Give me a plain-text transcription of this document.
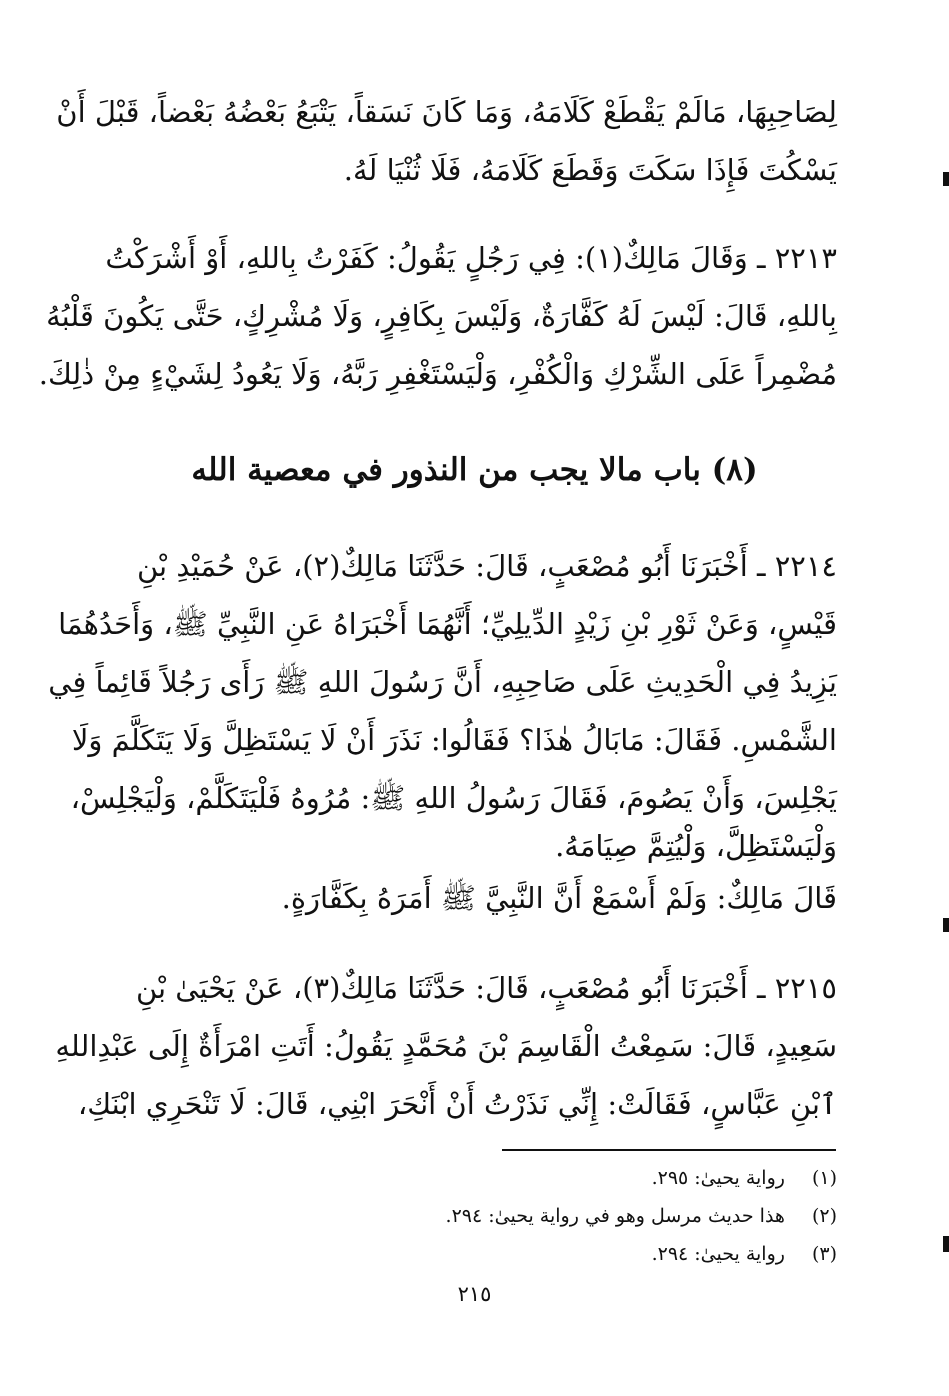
لِصَاحِبِهَا، مَالَمْ يَقْطَعْ كَلَامَهُ، وَمَا كَانَ نَسَقاً، يَتْبَعُ بَعْضُهُ بَعْضاً، قَبْلَ أَنْ
يَسْكُتَ فَإِذَا سَكَتَ وَقَطَعَ كَلَامَهُ، فَلَا ثُنْيَا لَهُ.
٢٢١٣ ـ وَقَالَ مَالِكٌ(١): فِي رَجُلٍ يَقُولُ: كَفَرْتُ بِاللهِ، أَوْ أَشْرَكْتُ
بِاللهِ، قَالَ: لَيْسَ لَهُ كَفَّارَةٌ، وَلَيْسَ بِكَافِرٍ، وَلَا مُشْرِكٍ، حَتَّى يَكُونَ قَلْبُهُ
مُضْمِراً عَلَى الشِّرْكِ وَالْكُفْرِ، وَلْيَسْتَغْفِرِ رَبَّهُ، وَلَا يَعُودُ لِشَيْءٍ مِنْ ذٰلِكَ.
(٨) باب مالا يجب من النذور في معصية الله
٢٢١٤ ـ أَخْبَرَنَا أَبُو مُصْعَبٍ، قَالَ: حَدَّثَنَا مَالِكٌ(٢)، عَنْ حُمَيْدِ بْنِ
قَيْسٍ، وَعَنْ ثَوْرِ بْنِ زَيْدٍ الدِّيلِيِّ؛ أَنَّهُمَا أَخْبَرَاهُ عَنِ النَّبِيِّ ﷺ، وَأَحَدُهُمَا
يَزِيدُ فِي الْحَدِيثِ عَلَى صَاحِبِهِ، أَنَّ رَسُولَ اللهِ ﷺ رَأَى رَجُلاً قَائِماً فِي
الشَّمْسِ. فَقَالَ: مَابَالُ هٰذَا؟ فَقَالُوا: نَذَرَ أَنْ لَا يَسْتَظِلَّ وَلَا يَتَكَلَّمَ وَلَا
يَجْلِسَ، وَأَنْ يَصُومَ، فَقَالَ رَسُولُ اللهِ ﷺ: مُرُوهُ فَلْيَتَكَلَّمْ، وَلْيَجْلِسْ،
وَلْيَسْتَظِلَّ، وَلْيُتِمَّ صِيَامَهُ.
قَالَ مَالِكٌ: وَلَمْ أَسْمَعْ أَنَّ النَّبِيَّ ﷺ أَمَرَهُ بِكَفَّارَةٍ.
٢٢١٥ ـ أَخْبَرَنَا أَبُو مُصْعَبٍ، قَالَ: حَدَّثَنَا مَالِكٌ(٣)، عَنْ يَحْيَىٰ بْنِ
سَعِيدٍ، قَالَ: سَمِعْتُ الْقَاسِمَ بْنَ مُحَمَّدٍ يَقُولُ: أَتَتِ امْرَأَةٌ إِلَى عَبْدِاللهِ
ٱبْنِ عَبَّاسٍ، فَقَالَتْ: إِنِّي نَذَرْتُ أَنْ أَنْحَرَ ابْنِي، قَالَ: لَا تَنْحَرِي ابْنَكِ،
(١) رواية يحيىٰ: ٢٩٥.
(٢) هذا حديث مرسل وهو في رواية يحيىٰ: ٢٩٤.
(٣) رواية يحيىٰ: ٢٩٤.
٢١٥
